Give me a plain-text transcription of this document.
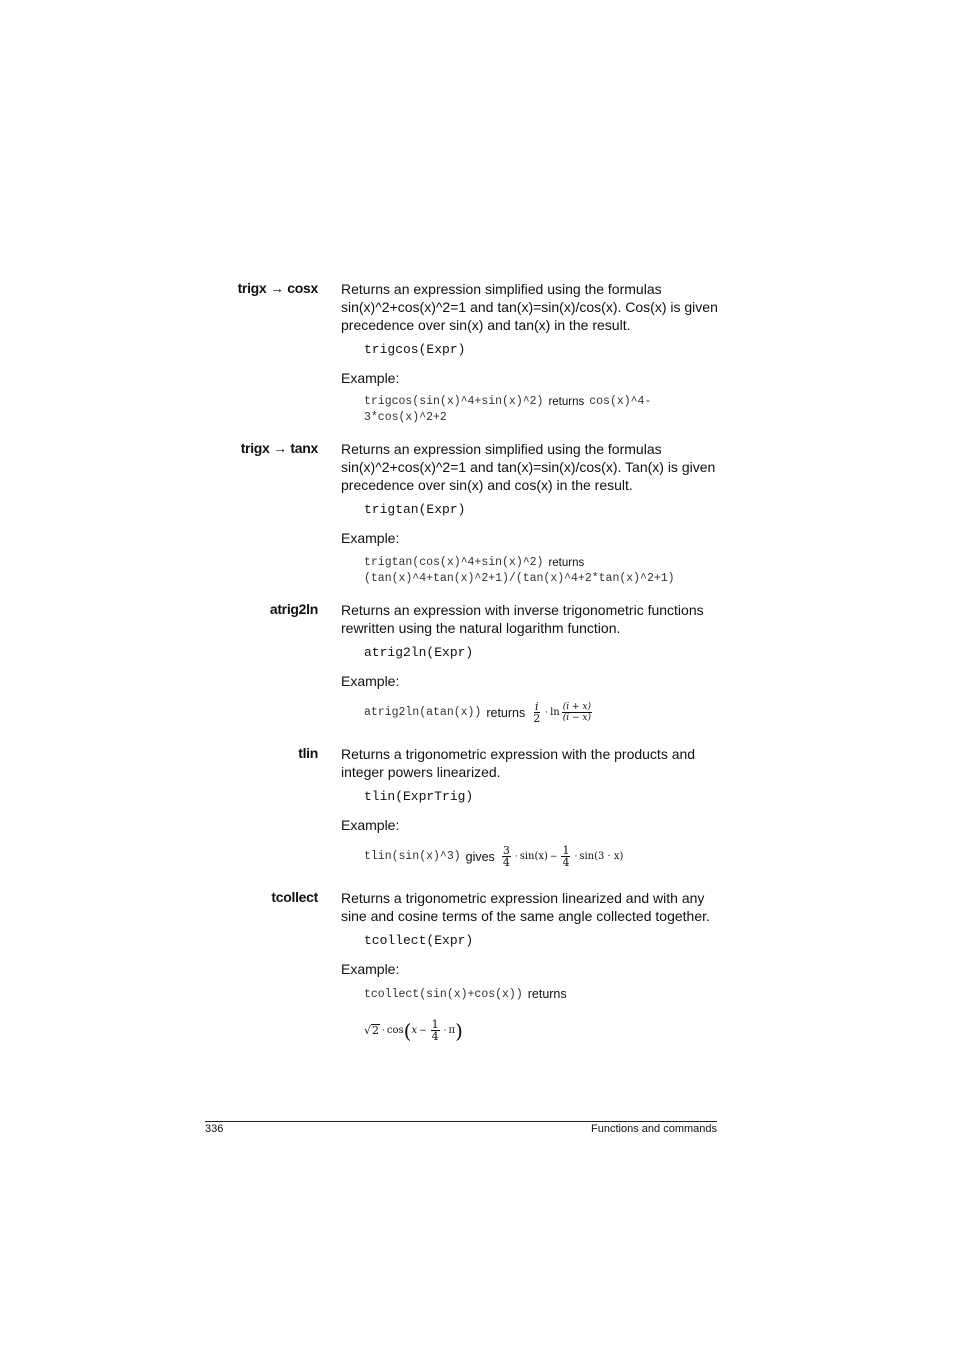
trigx → cosx Returns an expression simplified using the formulas sin(x)^2+cos(x)^2=1 and tan(x)=sin(x)/cos(x). Cos(x) is given precedence over sin(x) and tan(x) in the result.

trigcos(Expr)
Example:
trigcos(sin(x)^4+sin(x)^2) returns cos(x)^4-
3*cos(x)^2+2
trigx → tanx Returns an expression simplified using the formulas sin(x)^2+cos(x)^2=1 and tan(x)=sin(x)/cos(x). Tan(x) is given precedence over sin(x) and cos(x) in the result.

trigtan(Expr)
Example:
trigtan(cos(x)^4+sin(x)^2) returns
(tan(x)^4+tan(x)^2+1)/(tan(x)^4+2*tan(x)^2+1)
atrig2ln Returns an expression with inverse trigonometric functions rewritten using the natural logarithm function.

atrig2ln(Expr)
Example:
atrig2ln(atan(x)) returns $\frac{i}{2} \cdot \ln \frac{(i + x)}{(i - x)}$
tlin Returns a trigonometric expression with the products and integer powers linearized.

tlin(ExprTrig)
Example:
tlin(sin(x)^3) gives $\frac{3}{4} \cdot \sin(x) - \frac{1}{4} \cdot \sin(3 \cdot x)$
tcollect Returns a trigonometric expression linearized and with any sine and cosine terms of the same angle collected together.

tcollect(Expr)
Example:
tcollect(sin(x)+cos(x)) returns
√ 2 · cos ( $x - \frac{1}{4} \cdot \pi$ )
336	Functions and commands
